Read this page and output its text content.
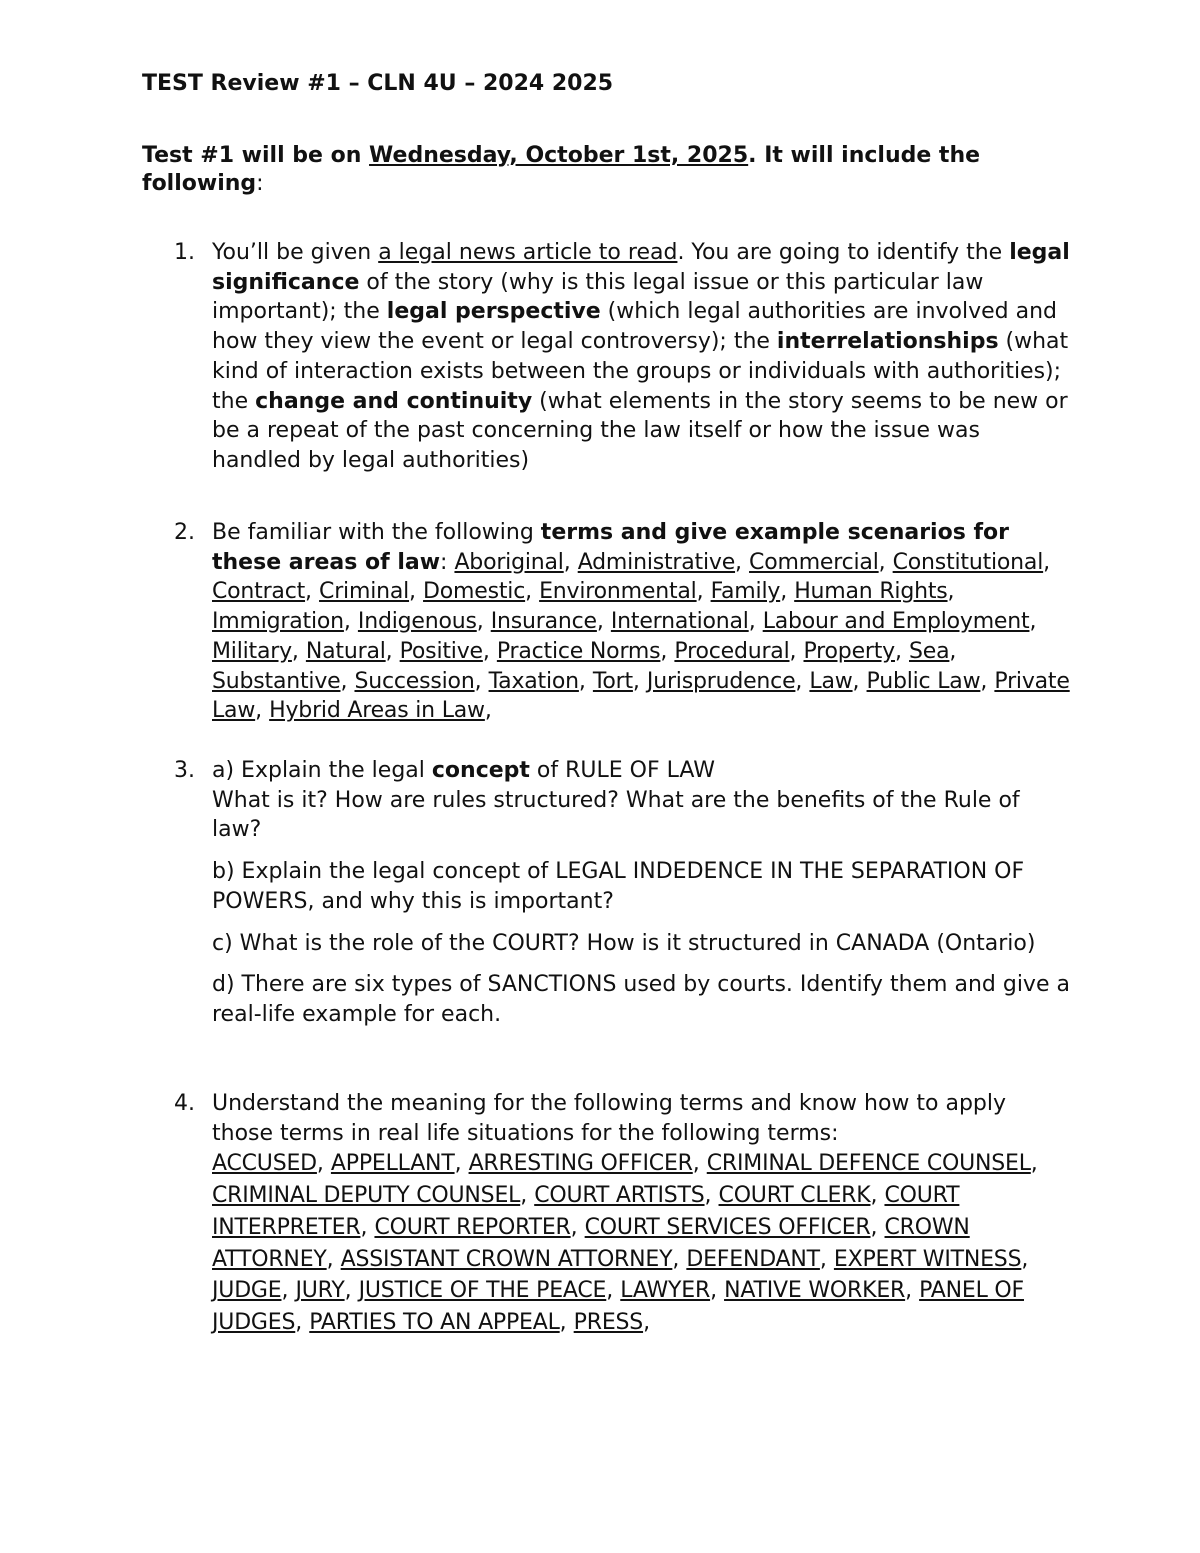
TEST Review #1 – CLN 4U – 2024 2025

Test #1 will be on Wednesday, October 1st, 2025. It will include the following:

1. You’ll be given a legal news article to read. You are going to identify the legal significance of the story (why is this legal issue or this particular law important); the legal perspective (which legal authorities are involved and how they view the event or legal controversy); the interrelationships (what kind of interaction exists between the groups or individuals with authorities); the change and continuity (what elements in the story seems to be new or be a repeat of the past concerning the law itself or how the issue was handled by legal authorities)

2. Be familiar with the following terms and give example scenarios for these areas of law: Aboriginal, Administrative, Commercial, Constitutional, Contract, Criminal, Domestic, Environmental, Family, Human Rights, Immigration, Indigenous, Insurance, International, Labour and Employment, Military, Natural, Positive, Practice Norms, Procedural, Property, Sea, Substantive, Succession, Taxation, Tort, Jurisprudence, Law, Public Law, Private Law, Hybrid Areas in Law,

3. a) Explain the legal concept of RULE OF LAW

What is it? How are rules structured? What are the benefits of the Rule of law?

b) Explain the legal concept of LEGAL INDEDENCE IN THE SEPARATION OF POWERS, and why this is important?

c) What is the role of the COURT? How is it structured in CANADA (Ontario)

d) There are six types of SANCTIONS used by courts. Identify them and give a real-life example for each.

4. Understand the meaning for the following terms and know how to apply those terms in real life situations for the following terms:

ACCUSED, APPELLANT, ARRESTING OFFICER, CRIMINAL DEFENCE COUNSEL, CRIMINAL DEPUTY COUNSEL, COURT ARTISTS, COURT CLERK, COURT INTERPRETER, COURT REPORTER, COURT SERVICES OFFICER, CROWN ATTORNEY, ASSISTANT CROWN ATTORNEY, DEFENDANT, EXPERT WITNESS, JUDGE, JURY, JUSTICE OF THE PEACE, LAWYER, NATIVE WORKER, PANEL OF JUDGES, PARTIES TO AN APPEAL, PRESS,
